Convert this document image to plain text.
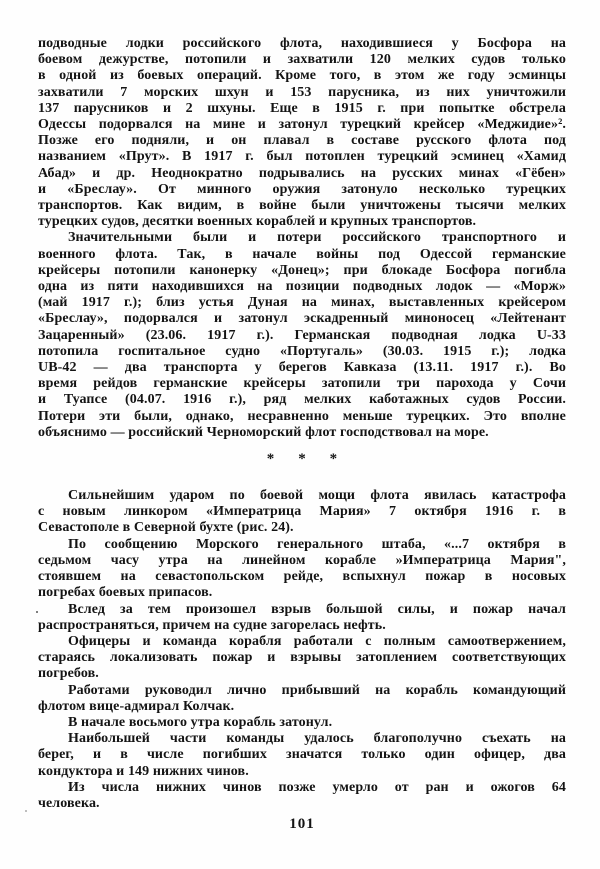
подводные лодки российского флота, находившиеся у Босфора на
боевом дежурстве, потопили и захватили 120 мелких судов только
в одной из боевых операций. Кроме того, в этом же году эсминцы
захватили 7 морских шхун и 153 парусника, из них уничтожили
137 парусников и 2 шхуны. Еще в 1915 г. при попытке обстрела
Одессы подорвался на мине и затонул турецкий крейсер «Меджидие»².
Позже его подняли, и он плавал в составе русского флота под
названием «Прут». В 1917 г. был потоплен турецкий эсминец «Хамид
Абад» и др. Неоднократно подрывались на русских минах «Гёбен»
и «Бреслау». От минного оружия затонуло несколько турецких
транспортов. Как видим, в войне были уничтожены тысячи мелких
турецких судов, десятки военных кораблей и крупных транспортов.
Значительными были и потери российского транспортного и
военного флота. Так, в начале войны под Одессой германские
крейсеры потопили канонерку «Донец»; при блокаде Босфора погибла
одна из пяти находившихся на позиции подводных лодок — «Морж»
(май 1917 г.); близ устья Дуная на минах, выставленных крейсером
«Бреслау», подорвался и затонул эскадренный миноносец «Лейтенант
Зацаренный» (23.06. 1917 г.). Германская подводная лодка U-33
потопила госпитальное судно «Португаль» (30.03. 1915 г.); лодка
UB-42 — два транспорта у берегов Кавказа (13.11. 1917 г.). Во
время рейдов германские крейсеры затопили три парохода у Сочи
и Туапсе (04.07. 1916 г.), ряд мелких каботажных судов России.
Потери эти были, однако, несравненно меньше турецких. Это вполне
объяснимо — российский Черноморский флот господствовал на море.
* * *
Сильнейшим ударом по боевой мощи флота явилась катастрофа
с новым линкором «Императрица Мария» 7 октября 1916 г. в
Севастополе в Северной бухте (рис. 24).
По сообщению Морского генерального штаба, «...7 октября в
седьмом часу утра на линейном корабле »Императрица Мария",
стоявшем на севастопольском рейде, вспыхнул пожар в носовых
погребах боевых припасов.
Вслед за тем произошел взрыв большой силы, и пожар начал
распространяться, причем на судне загорелась нефть.
Офицеры и команда корабля работали с полным самоотвержением,
стараясь локализовать пожар и взрывы затоплением соответствующих
погребов.
Работами руководил лично прибывший на корабль командующий
флотом вице-адмирал Колчак.
В начале восьмого утра корабль затонул.
Наибольшей части команды удалось благополучно съехать на
берег, и в числе погибших значатся только один офицер, два
кондуктора и 149 нижних чинов.
Из числа нижних чинов позже умерло от ран и ожогов 64
человека.
101
